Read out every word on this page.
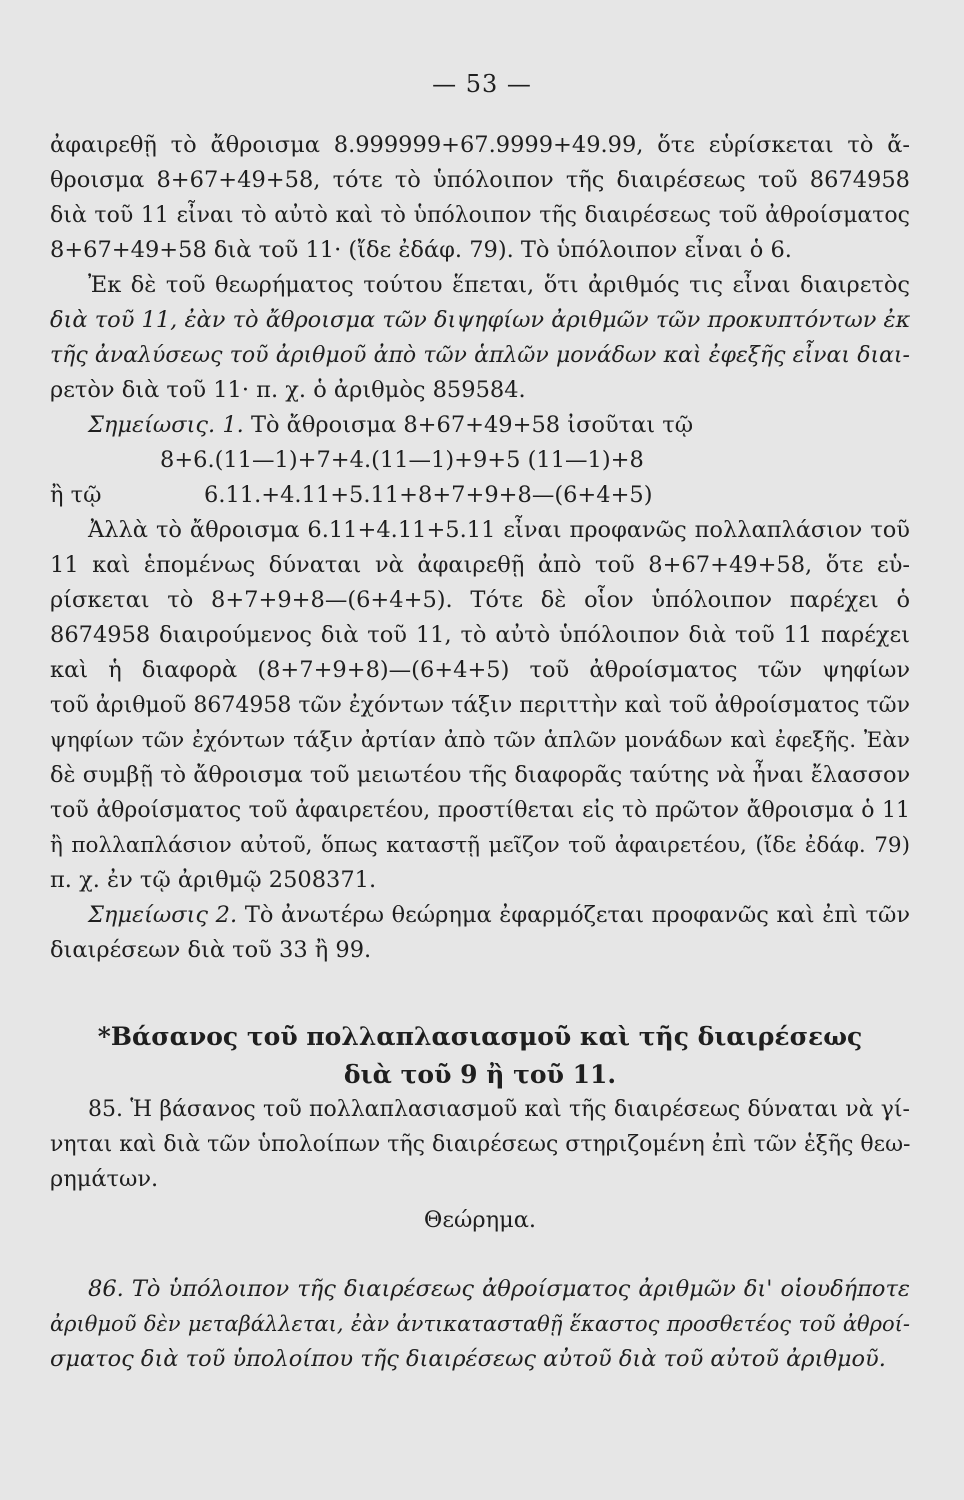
— 53 —
ἀφαιρεθῇ τὸ ἄθροισμα 8.999999+67.9999+49.99, ὅτε εὑρίσκεται τὸ ἄ-
θροισμα 8+67+49+58, τότε τὸ ὑπόλοιπον τῆς διαιρέσεως τοῦ 8674958
διὰ τοῦ 11 εἶναι τὸ αὐτὸ καὶ τὸ ὑπόλοιπον τῆς διαιρέσεως τοῦ ἀθροίσματος
8+67+49+58 διὰ τοῦ 11· (ἴδε ἐδάφ. 79). Τὸ ὑπόλοιπον εἶναι ὁ 6.
Ἐκ δὲ τοῦ θεωρήματος τούτου ἕπεται, ὅτι ἀριθμός τις εἶναι διαιρετὸς
διὰ τοῦ 11, ἐὰν τὸ ἄθροισμα τῶν διψηφίων ἀριθμῶν τῶν προκυπτόντων ἐκ
τῆς ἀναλύσεως τοῦ ἀριθμοῦ ἀπὸ τῶν ἁπλῶν μονάδων καὶ ἐφεξῆς εἶναι διαι-
ρετὸν διὰ τοῦ 11· π. χ. ὁ ἀριθμὸς 859584.
Σημείωσις. 1. Τὸ ἄθροισμα 8+67+49+58 ἰσοῦται τῷ
8+6.(11—1)+7+4.(11—1)+9+5 (11—1)+8
ἢ τῷ	6.11.+4.11+5.11+8+7+9+8—(6+4+5)
Ἀλλὰ τὸ ἄθροισμα 6.11+4.11+5.11 εἶναι προφανῶς πολλαπλάσιον τοῦ
11 καὶ ἑπομένως δύναται νὰ ἀφαιρεθῇ ἀπὸ τοῦ 8+67+49+58, ὅτε εὑ-
ρίσκεται τὸ 8+7+9+8—(6+4+5). Τότε δὲ οἷον ὑπόλοιπον παρέχει ὁ
8674958 διαιρούμενος διὰ τοῦ 11, τὸ αὐτὸ ὑπόλοιπον διὰ τοῦ 11 παρέχει
καὶ ἡ διαφορὰ (8+7+9+8)—(6+4+5) τοῦ ἀθροίσματος τῶν ψηφίων
τοῦ ἀριθμοῦ 8674958 τῶν ἐχόντων τάξιν περιττὴν καὶ τοῦ ἀθροίσματος τῶν
ψηφίων τῶν ἐχόντων τάξιν ἀρτίαν ἀπὸ τῶν ἁπλῶν μονάδων καὶ ἐφεξῆς. Ἐὰν
δὲ συμβῇ τὸ ἄθροισμα τοῦ μειωτέου τῆς διαφορᾶς ταύτης νὰ ἦναι ἔλασσον
τοῦ ἀθροίσματος τοῦ ἀφαιρετέου, προστίθεται εἰς τὸ πρῶτον ἄθροισμα ὁ 11
ἢ πολλαπλάσιον αὐτοῦ, ὅπως καταστῇ μεῖζον τοῦ ἀφαιρετέου, (ἴδε ἐδάφ. 79)
π. χ. ἐν τῷ ἀριθμῷ 2508371.
Σημείωσις 2. Τὸ ἀνωτέρω θεώρημα ἐφαρμόζεται προφανῶς καὶ ἐπὶ τῶν
διαιρέσεων διὰ τοῦ 33 ἢ 99.
*Βάσανος τοῦ πολλαπλασιασμοῦ καὶ τῆς διαιρέσεως
διὰ τοῦ 9 ἢ τοῦ 11.
85. Ἡ βάσανος τοῦ πολλαπλασιασμοῦ καὶ τῆς διαιρέσεως δύναται νὰ γί-
νηται καὶ διὰ τῶν ὑπολοίπων τῆς διαιρέσεως στηριζομένη ἐπὶ τῶν ἑξῆς θεω-
ρημάτων.
Θεώρημα.
86. Τὸ ὑπόλοιπον τῆς διαιρέσεως ἀθροίσματος ἀριθμῶν δι' οἱουδήποτε
ἀριθμοῦ δὲν μεταβάλλεται, ἐὰν ἀντικατασταθῇ ἕκαστος προσθετέος τοῦ ἀθροί-
σματος διὰ τοῦ ὑπολοίπου τῆς διαιρέσεως αὐτοῦ διὰ τοῦ αὐτοῦ ἀριθμοῦ.
